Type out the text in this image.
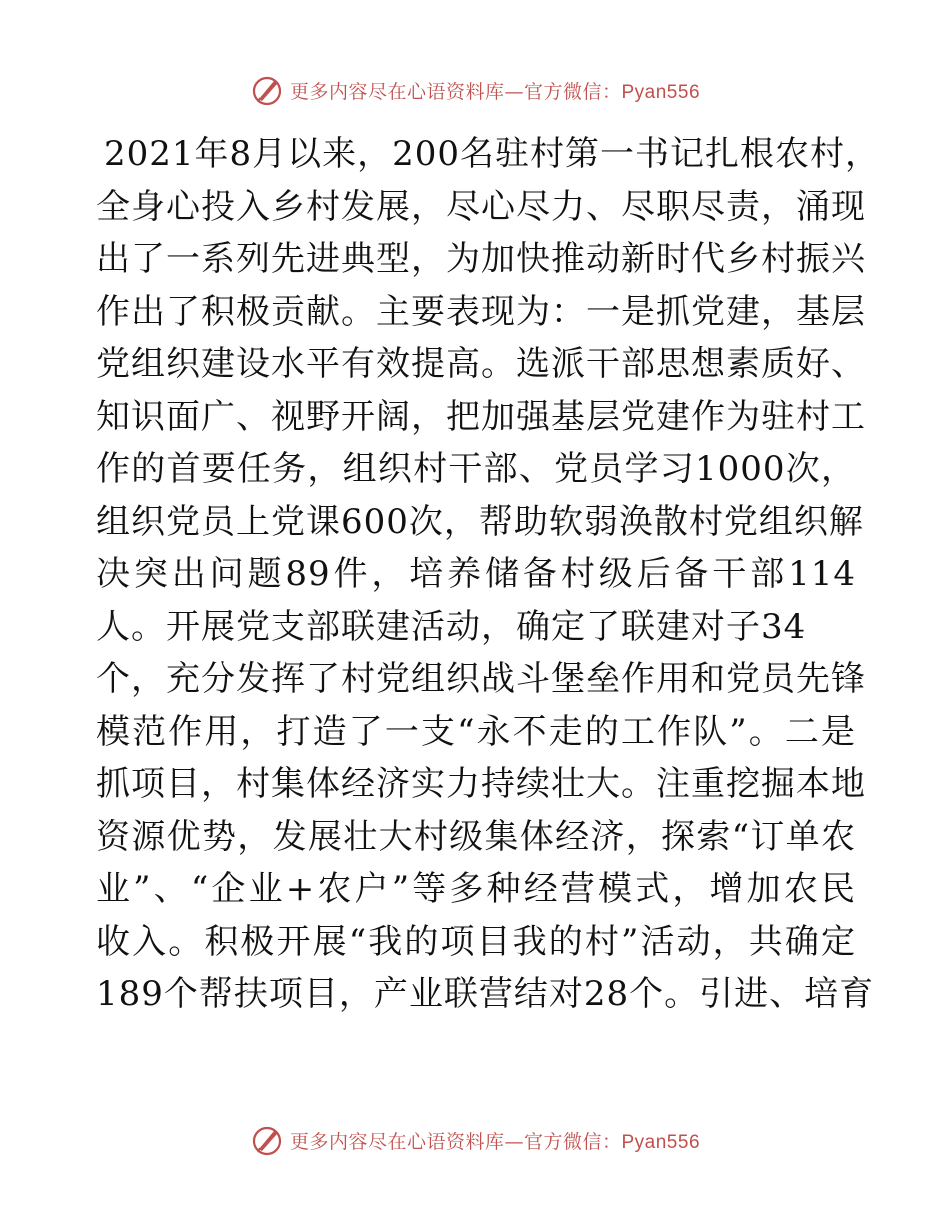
更多内容尽在心语资料库—官方微信：Pyan556
2021年8月以来，200名驻村第一书记扎根农村，
全身心投入乡村发展，尽心尽力、尽职尽责，涌现
出了一系列先进典型，为加快推动新时代乡村振兴
作出了积极贡献。主要表现为：一是抓党建，基层
党组织建设水平有效提高。选派干部思想素质好、
知识面广、视野开阔，把加强基层党建作为驻村工
作的首要任务，组织村干部、党员学习1000次，
组织党员上党课600次，帮助软弱涣散村党组织解
决突出问题89件，培养储备村级后备干部114
人。开展党支部联建活动，确定了联建对子34
个，充分发挥了村党组织战斗堡垒作用和党员先锋
模范作用，打造了一支“永不走的工作队”。二是
抓项目，村集体经济实力持续壮大。注重挖掘本地
资源优势，发展壮大村级集体经济，探索“订单农
业”、“企业+农户”等多种经营模式，增加农民
收入。积极开展“我的项目我的村”活动，共确定
189个帮扶项目，产业联营结对28个。引进、培育
更多内容尽在心语资料库—官方微信：Pyan556
